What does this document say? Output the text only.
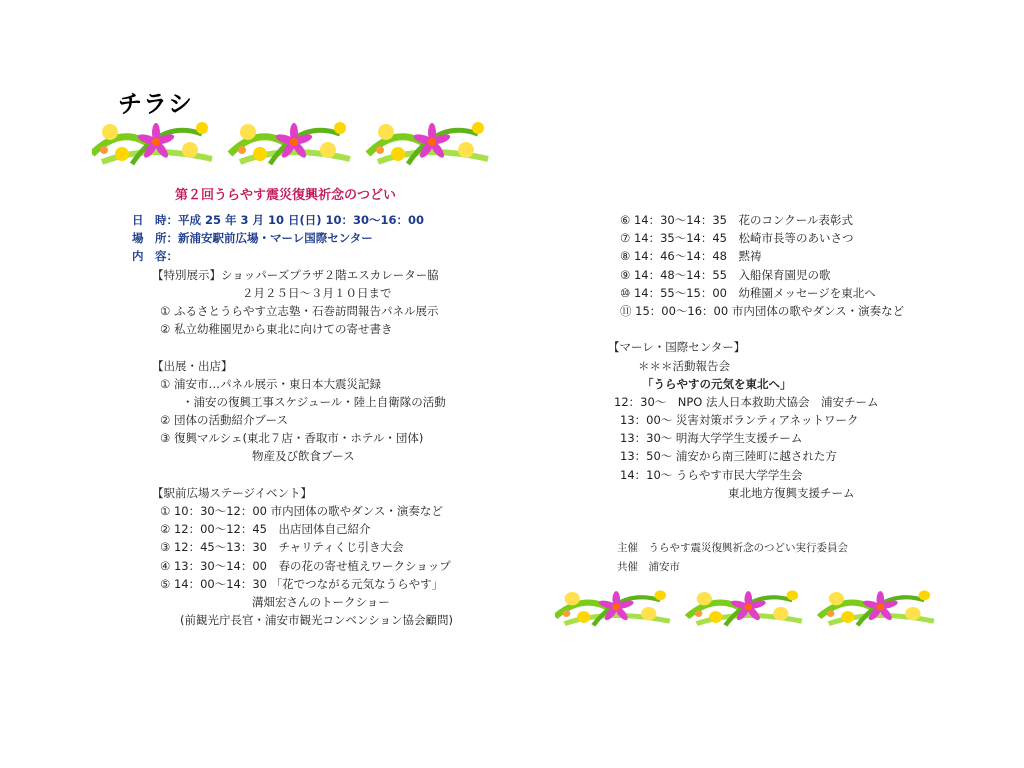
チラシ
第２回うらやす震災復興祈念のつどい
日　時：平成 25 年 3 月 10 日(日) 10：30〜16：00
場　所：新浦安駅前広場・マーレ国際センター
内　容：
【特別展示】ショッパーズプラザ２階エスカレーター脇
２月２５日〜３月１０日まで
① ふるさとうらやす立志塾・石巻訪問報告パネル展示
② 私立幼稚園児から東北に向けての寄せ書き
【出展・出店】
① 浦安市…パネル展示・東日本大震災記録
・浦安の復興工事スケジュール・陸上自衛隊の活動
② 団体の活動紹介ブース
③ 復興マルシェ(東北７店・香取市・ホテル・団体)
物産及び飲食ブース
【駅前広場ステージイベント】
① 10：30〜12：00 市内団体の歌やダンス・演奏など
② 12：00〜12：45　出店団体自己紹介
③ 12：45〜13：30　チャリティくじ引き大会
④ 13：30〜14：00　春の花の寄せ植えワークショップ
⑤ 14：00〜14：30 「花でつながる元気なうらやす」
溝畑宏さんのトークショー
(前観光庁長官・浦安市観光コンベンション協会顧問)
⑥ 14：30〜14：35　花のコンクール表彰式
⑦ 14：35〜14：45　松崎市長等のあいさつ
⑧ 14：46〜14：48　黙祷
⑨ 14：48〜14：55　入船保育園児の歌
⑩ 14：55〜15：00　幼稚園メッセージを東北へ
⑪ 15：00〜16：00 市内団体の歌やダンス・演奏など
【マーレ・国際センター】
＊＊＊活動報告会
「うらやすの元気を東北へ」
12：30〜　NPO 法人日本救助犬協会　浦安チーム
13：00〜 災害対策ボランティアネットワーク
13：30〜 明海大学学生支援チーム
13：50〜 浦安から南三陸町に越された方
14：10〜 うらやす市民大学学生会
東北地方復興支援チーム
主催　うらやす震災復興祈念のつどい実行委員会
共催　浦安市
